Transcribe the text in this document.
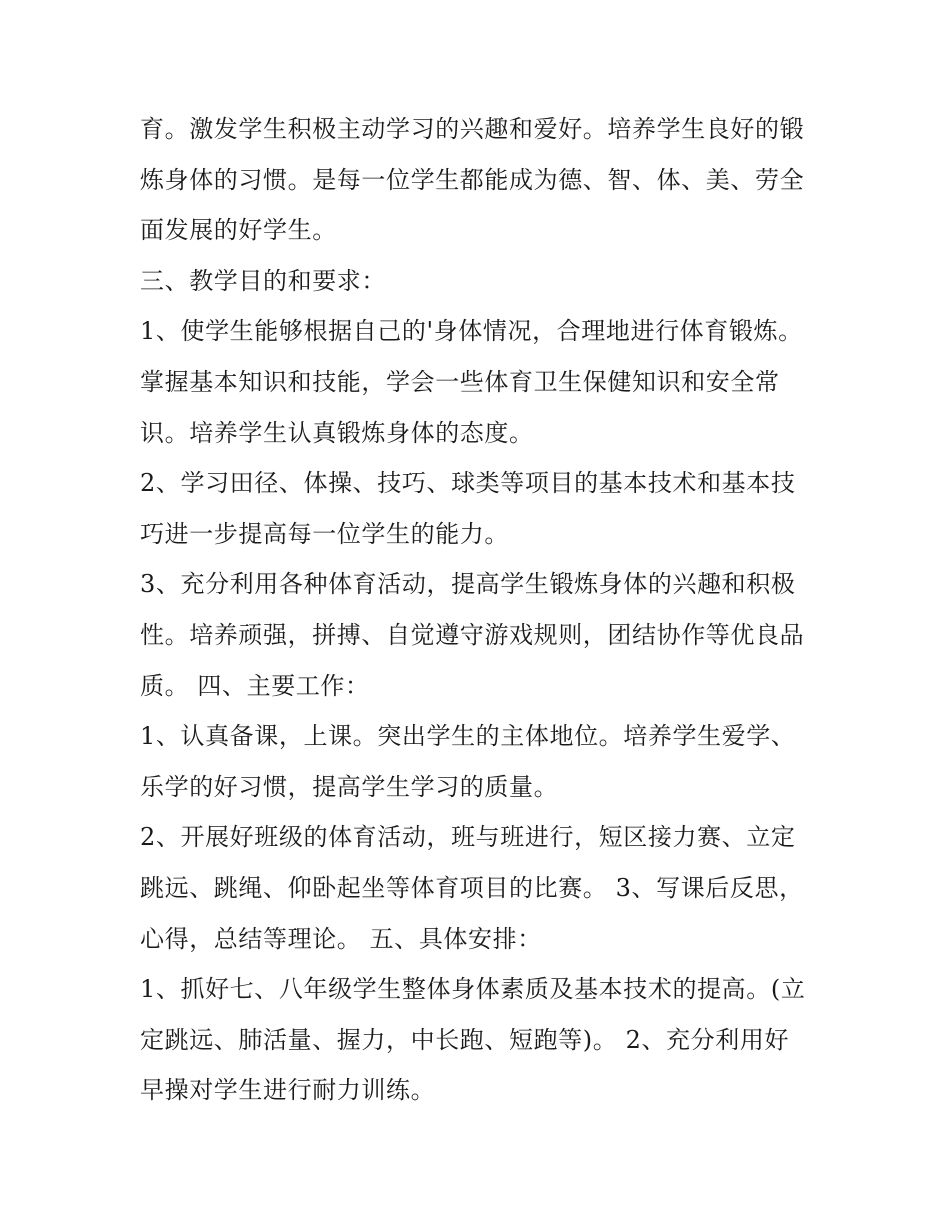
育。激发学生积极主动学习的兴趣和爱好。培养学生良好的锻
炼身体的习惯。是每一位学生都能成为德、智、体、美、劳全
面发展的好学生。
三、教学目的和要求：
1、使学生能够根据自己的'身体情况，合理地进行体育锻炼。
掌握基本知识和技能，学会一些体育卫生保健知识和安全常
识。培养学生认真锻炼身体的态度。
2、学习田径、体操、技巧、球类等项目的基本技术和基本技
巧进一步提高每一位学生的能力。
3、充分利用各种体育活动，提高学生锻炼身体的兴趣和积极
性。培养顽强，拼搏、自觉遵守游戏规则，团结协作等优良品
质。 四、主要工作：
1、认真备课，上课。突出学生的主体地位。培养学生爱学、
乐学的好习惯，提高学生学习的质量。
2、开展好班级的体育活动，班与班进行，短区接力赛、立定
跳远、跳绳、仰卧起坐等体育项目的比赛。 3、写课后反思，
心得，总结等理论。 五、具体安排：
1、抓好七、八年级学生整体身体素质及基本技术的提高。(立
定跳远、肺活量、握力，中长跑、短跑等)。 2、充分利用好
早操对学生进行耐力训练。
